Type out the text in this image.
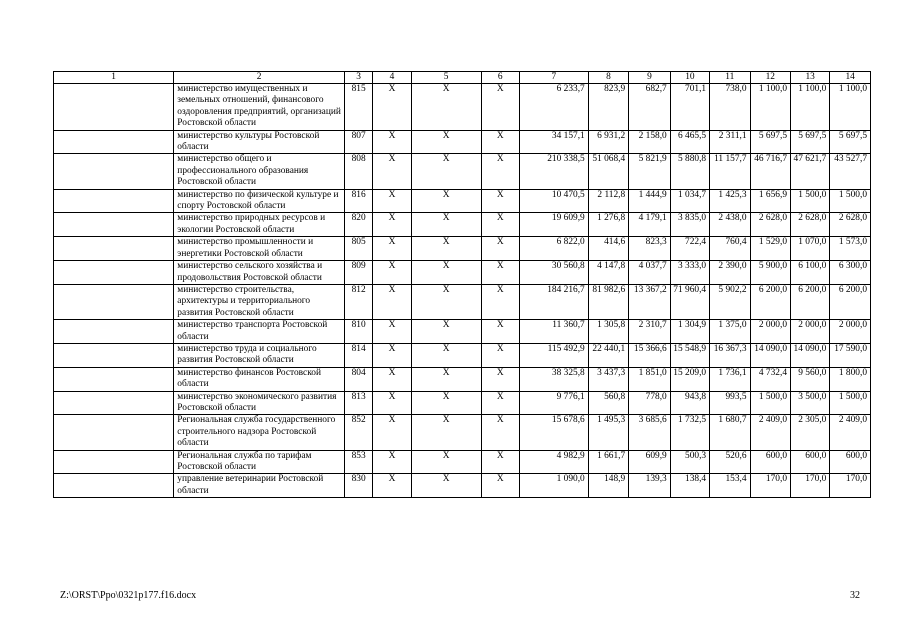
1	2	3	4	5	6	7	8	9	10	11	12	13	14
	министерство имущественных и земельных отношений, финансового оздоровления предприятий, организаций Ростовской области	815	Х	Х	Х	6 233,7	823,9	682,7	701,1	738,0	1 100,0	1 100,0	1 100,0
	министерство культуры Ростовской области	807	Х	Х	Х	34 157,1	6 931,2	2 158,0	6 465,5	2 311,1	5 697,5	5 697,5	5 697,5
	министерство общего и профессионального образования Ростовской области	808	Х	Х	Х	210 338,5	51 068,4	5 821,9	5 880,8	11 157,7	46 716,7	47 621,7	43 527,7
	министерство по физической культуре и спорту Ростовской области	816	Х	Х	Х	10 470,5	2 112,8	1 444,9	1 034,7	1 425,3	1 656,9	1 500,0	1 500,0
	министерство природных ресурсов и экологии Ростовской области	820	Х	Х	Х	19 609,9	1 276,8	4 179,1	3 835,0	2 438,0	2 628,0	2 628,0	2 628,0
	министерство промышленности и энергетики Ростовской области	805	Х	Х	Х	6 822,0	414,6	823,3	722,4	760,4	1 529,0	1 070,0	1 573,0
	министерство сельского хозяйства и продовольствия Ростовской области	809	Х	Х	Х	30 560,8	4 147,8	4 037,7	3 333,0	2 390,0	5 900,0	6 100,0	6 300,0
	министерство строительства, архитектуры и территориального развития Ростовской области	812	Х	Х	Х	184 216,7	81 982,6	13 367,2	71 960,4	5 902,2	6 200,0	6 200,0	6 200,0
	министерство транспорта Ростовской области	810	Х	Х	Х	11 360,7	1 305,8	2 310,7	1 304,9	1 375,0	2 000,0	2 000,0	2 000,0
	министерство труда и социального развития Ростовской области	814	Х	Х	Х	115 492,9	22 440,1	15 366,6	15 548,9	16 367,3	14 090,0	14 090,0	17 590,0
	министерство финансов Ростовской области	804	Х	Х	Х	38 325,8	3 437,3	1 851,0	15 209,0	1 736,1	4 732,4	9 560,0	1 800,0
	министерство экономического развития Ростовской области	813	Х	Х	Х	9 776,1	560,8	778,0	943,8	993,5	1 500,0	3 500,0	1 500,0
	Региональная служба государственного строительного надзора Ростовской области	852	Х	Х	Х	15 678,6	1 495,3	3 685,6	1 732,5	1 680,7	2 409,0	2 305,0	2 409,0
	Региональная служба по тарифам Ростовской области	853	Х	Х	Х	4 982,9	1 661,7	609,9	500,3	520,6	600,0	600,0	600,0
	управление ветеринарии Ростовской области	830	Х	Х	Х	1 090,0	148,9	139,3	138,4	153,4	170,0	170,0	170,0
Z:\ORST\Ppo\0321p177.f16.docx	32
